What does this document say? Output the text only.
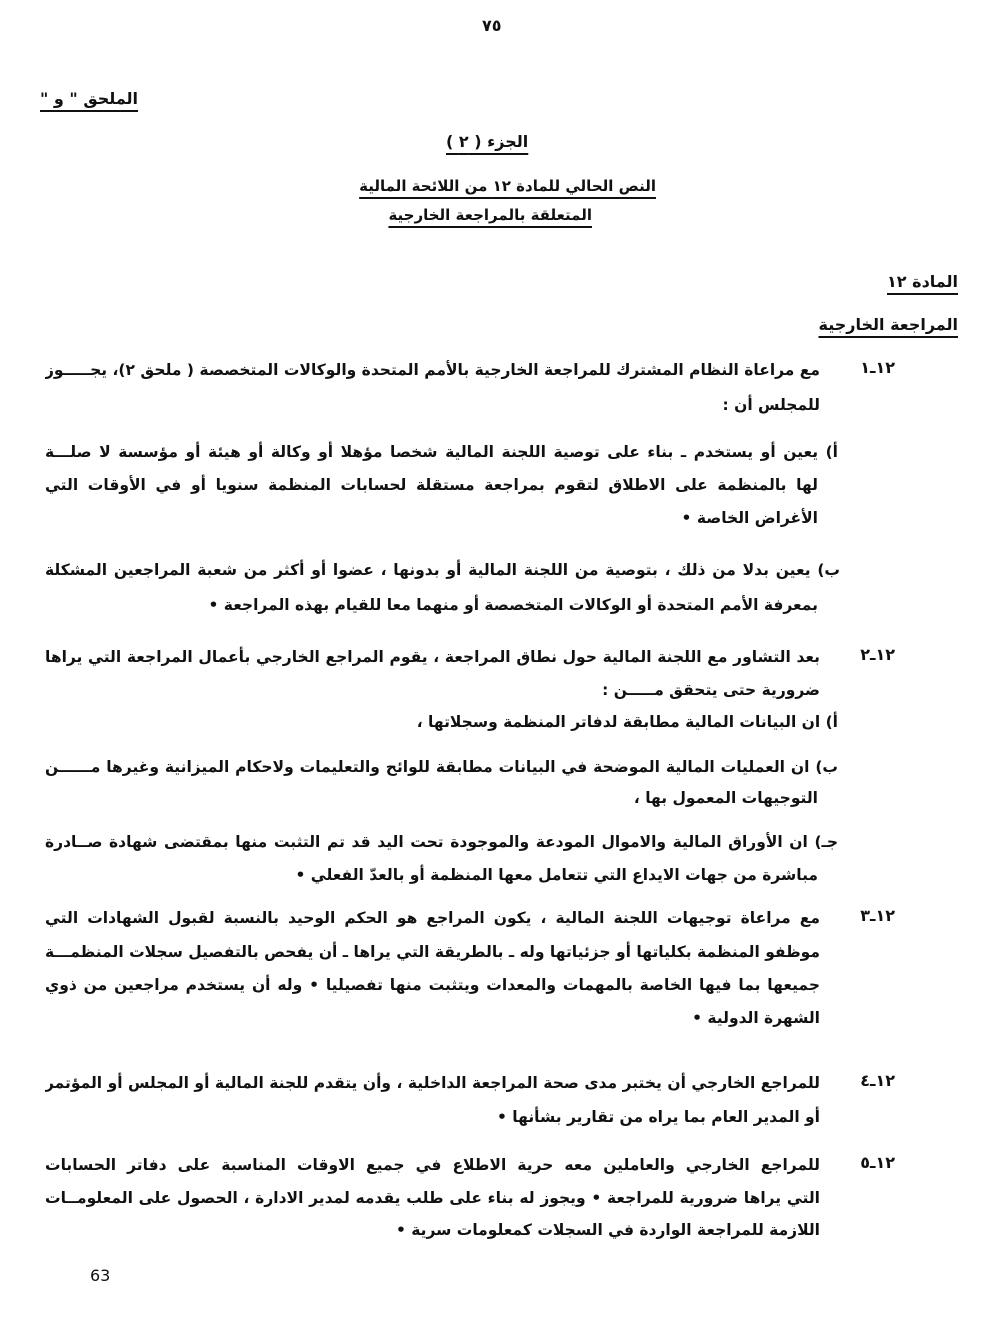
٧٥
الملحق " و "
الجزء ( ٢ )
النص الحالي للمادة ١٢ من اللائحة المالية
المتعلقة بالمراجعة الخارجية
المادة ١٢
المراجعة الخارجية
١٢ـ١
مع مراعاة النظام المشترك للمراجعة الخارجية بالأمم المتحدة والوكالات المتخصصة ( ملحق ٢)، يجـــــوز
للمجلس أن :
أ) يعين أو يستخدم ـ بناء على توصية اللجنة المالية شخصا مؤهلا أو وكالة أو هيئة أو مؤسسة لا صلـــة
لها بالمنظمة على الاطلاق لتقوم بمراجعة مستقلة لحسابات المنظمة سنويا أو في الأوقات التي
الأغراض الخاصة •
ب) يعين بدلا من ذلك ، بتوصية من اللجنة المالية أو بدونها ، عضوا أو أكثر من شعبة المراجعين المشكلة
بمعرفة الأمم المتحدة أو الوكالات المتخصصة أو منهما معا للقيام بهذه المراجعة •
١٢ـ٢
بعد التشاور مع اللجنة المالية حول نطاق المراجعة ، يقوم المراجع الخارجي بأعمال المراجعة التي يراها
ضرورية حتى يتحقق مـــــن :
أ) ان البيانات المالية مطابقة لدفاتر المنظمة وسجلاتها ،
ب) ان العمليات المالية الموضحة في البيانات مطابقة للوائح والتعليمات ولاحكام الميزانية وغيرها مــــــن
التوجيهات المعمول بها ،
جـ) ان الأوراق المالية والاموال المودعة والموجودة تحت اليد قد تم التثبت منها بمقتضى شهادة صــادرة
مباشرة من جهات الايداع التي تتعامل معها المنظمة أو بالعدّ الفعلي •
١٢ـ٣
مع مراعاة توجيهات اللجنة المالية ، يكون المراجع هو الحكم الوحيد بالنسبة لقبول الشهادات التي
موظفو المنظمة بكلياتها أو جزئياتها وله ـ بالطريقة التي يراها ـ أن يفحص بالتفصيل سجلات المنظمـــة
جميعها بما فيها الخاصة بالمهمات والمعدات ويتثبت منها تفصيليا • وله أن يستخدم مراجعين من ذوي
الشهرة الدولية •
١٢ـ٤
للمراجع الخارجي أن يختبر مدى صحة المراجعة الداخلية ، وأن يتقدم للجنة المالية أو المجلس أو المؤتمر
أو المدير العام بما يراه من تقارير بشأنها •
١٢ـ٥
للمراجع الخارجي والعاملين معه حرية الاطلاع في جميع الاوقات المناسبة على دفاتر الحسابات
التي يراها ضرورية للمراجعة • ويجوز له بناء على طلب يقدمه لمدير الادارة ، الحصول على المعلومــات
اللازمة للمراجعة الواردة في السجلات كمعلومات سرية •
63
